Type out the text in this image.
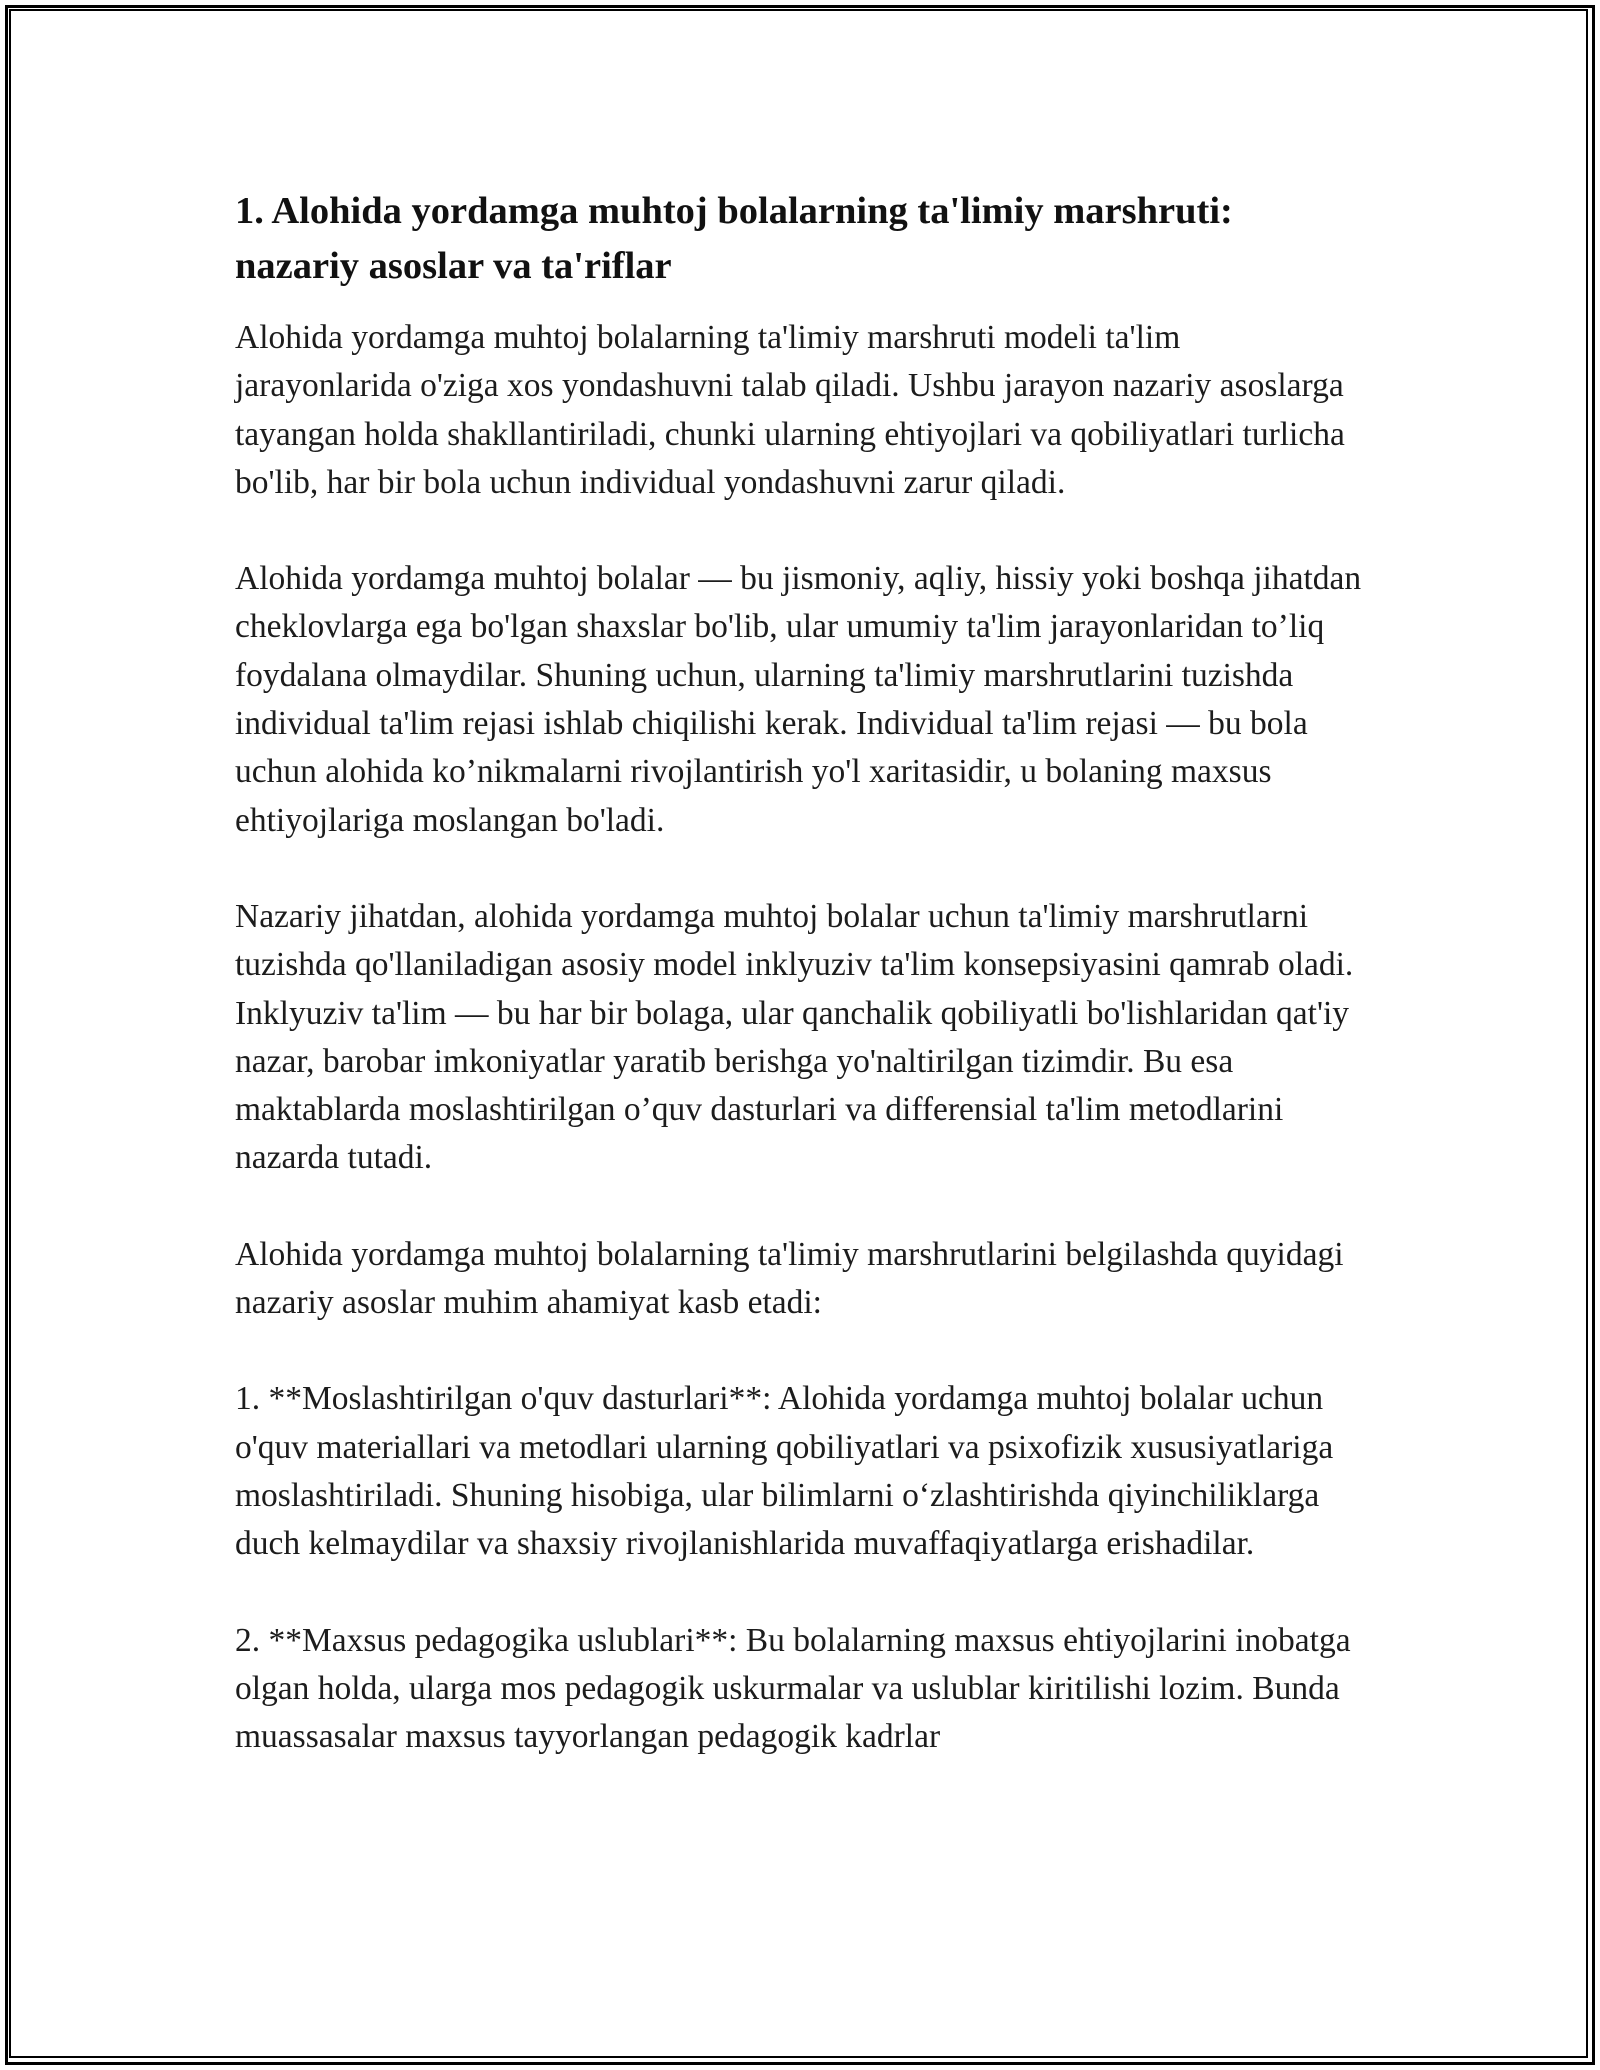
1. Alohida yordamga muhtoj bolalarning ta'limiy marshruti: nazariy asoslar va ta'riflar

Alohida yordamga muhtoj bolalarning ta'limiy marshruti modeli ta'lim jarayonlarida o'ziga xos yondashuvni talab qiladi. Ushbu jarayon nazariy asoslarga tayangan holda shakllantiriladi, chunki ularning ehtiyojlari va qobiliyatlari turlicha bo'lib, har bir bola uchun individual yondashuvni zarur qiladi.

Alohida yordamga muhtoj bolalar — bu jismoniy, aqliy, hissiy yoki boshqa jihatdan cheklovlarga ega bo'lgan shaxslar bo'lib, ular umumiy ta'lim jarayonlaridan to’liq foydalana olmaydilar. Shuning uchun, ularning ta'limiy marshrutlarini tuzishda individual ta'lim rejasi ishlab chiqilishi kerak. Individual ta'lim rejasi — bu bola uchun alohida ko’nikmalarni rivojlantirish yo'l xaritasidir, u bolaning maxsus ehtiyojlariga moslangan bo'ladi.

Nazariy jihatdan, alohida yordamga muhtoj bolalar uchun ta'limiy marshrutlarni tuzishda qo'llaniladigan asosiy model inklyuziv ta'lim konsepsiyasini qamrab oladi. Inklyuziv ta'lim — bu har bir bolaga, ular qanchalik qobiliyatli bo'lishlaridan qat'iy nazar, barobar imkoniyatlar yaratib berishga yo'naltirilgan tizimdir. Bu esa maktablarda moslashtirilgan o’quv dasturlari va differensial ta'lim metodlarini nazarda tutadi.

Alohida yordamga muhtoj bolalarning ta'limiy marshrutlarini belgilashda quyidagi nazariy asoslar muhim ahamiyat kasb etadi:

1. **Moslashtirilgan o'quv dasturlari**: Alohida yordamga muhtoj bolalar uchun o'quv materiallari va metodlari ularning qobiliyatlari va psixofizik xususiyatlariga moslashtiriladi. Shuning hisobiga, ular bilimlarni o‘zlashtirishda qiyinchiliklarga duch kelmaydilar va shaxsiy rivojlanishlarida muvaffaqiyatlarga erishadilar.

2. **Maxsus pedagogika uslublari**: Bu bolalarning maxsus ehtiyojlarini inobatga olgan holda, ularga mos pedagogik uskurmalar va uslublar kiritilishi lozim. Bunda muassasalar maxsus tayyorlangan pedagogik kadrlar
